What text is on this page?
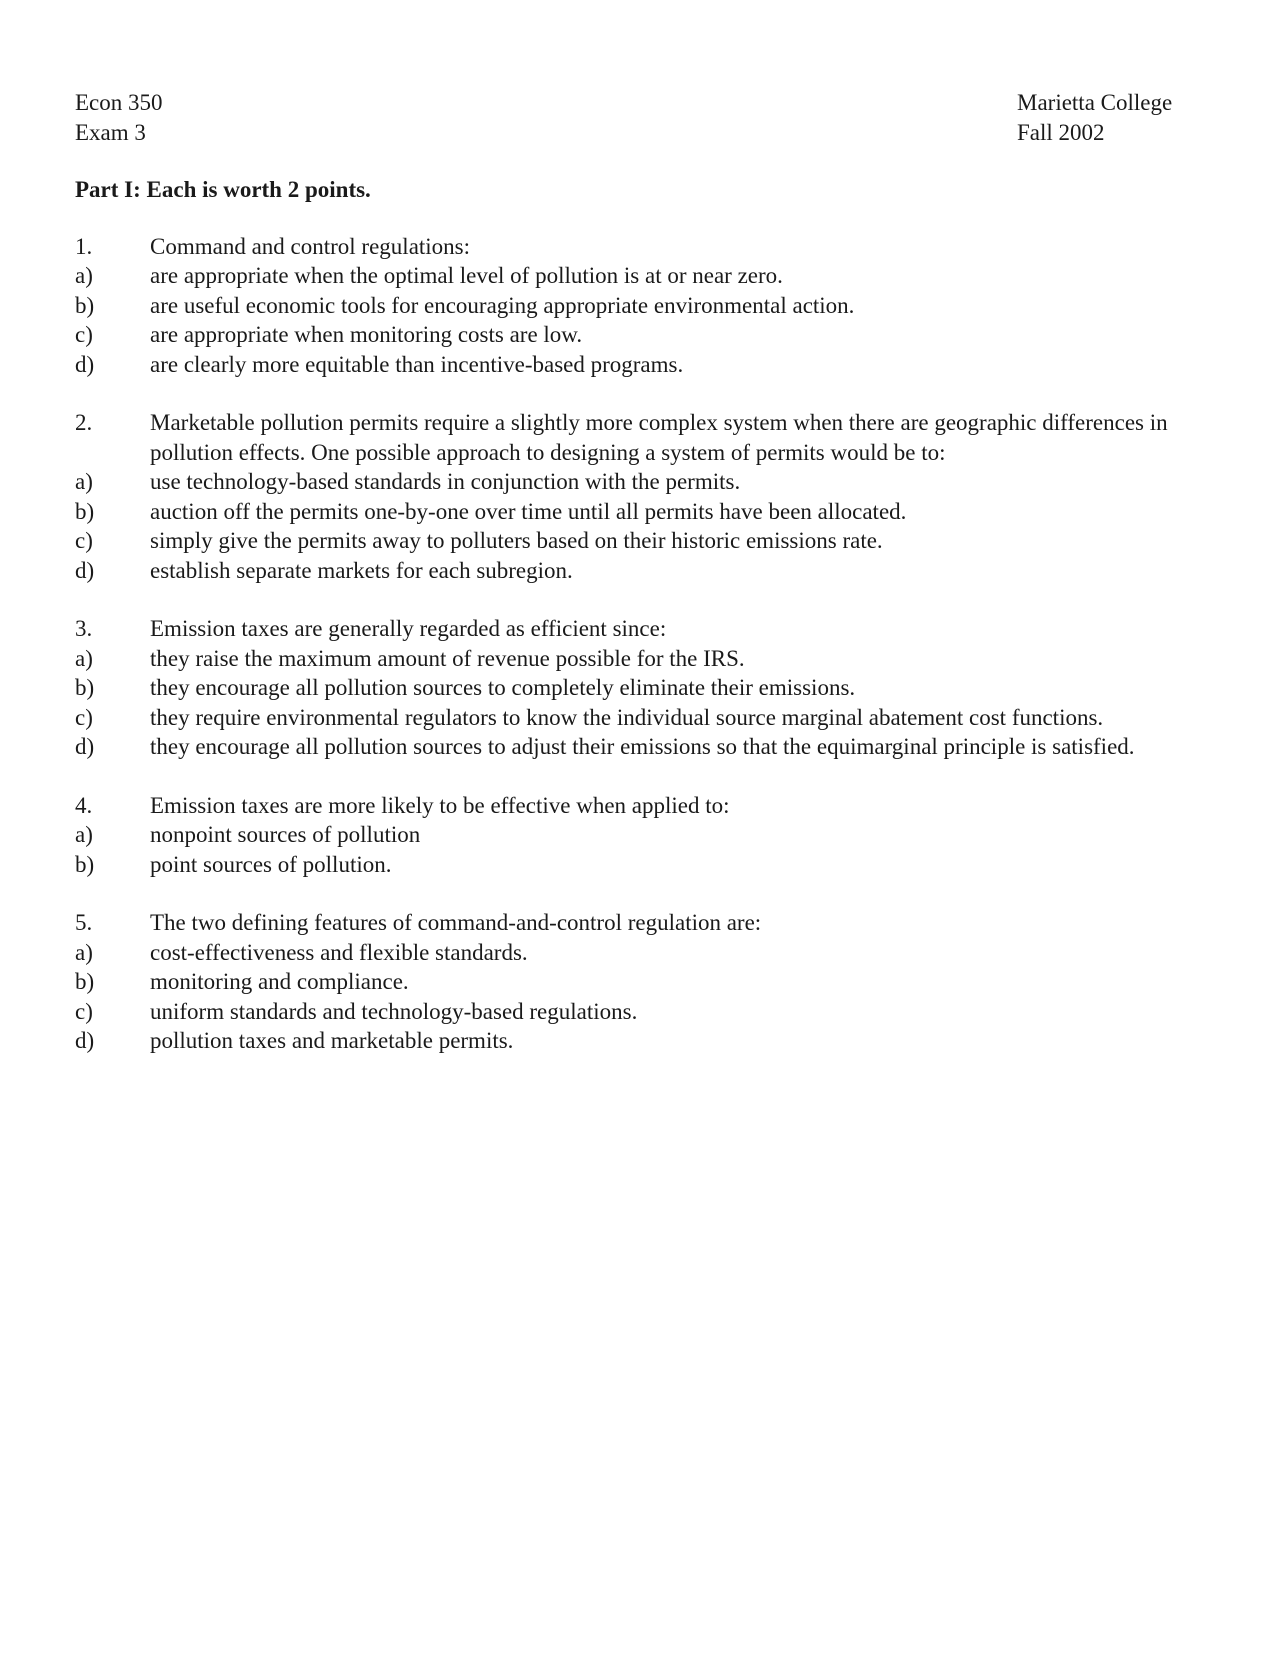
Econ 350
Exam 3
Marietta College
Fall 2002
Part I: Each is worth 2 points.
1.	Command and control regulations:
a)	are appropriate when the optimal level of pollution is at or near zero.
b)	are useful economic tools for encouraging appropriate environmental action.
c)	are appropriate when monitoring costs are low.
d)	are clearly more equitable than incentive-based programs.
2.	Marketable pollution permits require a slightly more complex system when there are geographic differences in pollution effects. One possible approach to designing a system of permits would be to:
a)	use technology-based standards in conjunction with the permits.
b)	auction off the permits one-by-one over time until all permits have been allocated.
c)	simply give the permits away to polluters based on their historic emissions rate.
d)	establish separate markets for each subregion.
3.	Emission taxes are generally regarded as efficient since:
a)	they raise the maximum amount of revenue possible for the IRS.
b)	they encourage all pollution sources to completely eliminate their emissions.
c)	they require environmental regulators to know the individual source marginal abatement cost functions.
d)	they encourage all pollution sources to adjust their emissions so that the equimarginal principle is satisfied.
4.	Emission taxes are more likely to be effective when applied to:
a)	nonpoint sources of pollution
b)	point sources of pollution.
5.	The two defining features of command-and-control regulation are:
a)	cost-effectiveness and flexible standards.
b)	monitoring and compliance.
c)	uniform standards and technology-based regulations.
d)	pollution taxes and marketable permits.
